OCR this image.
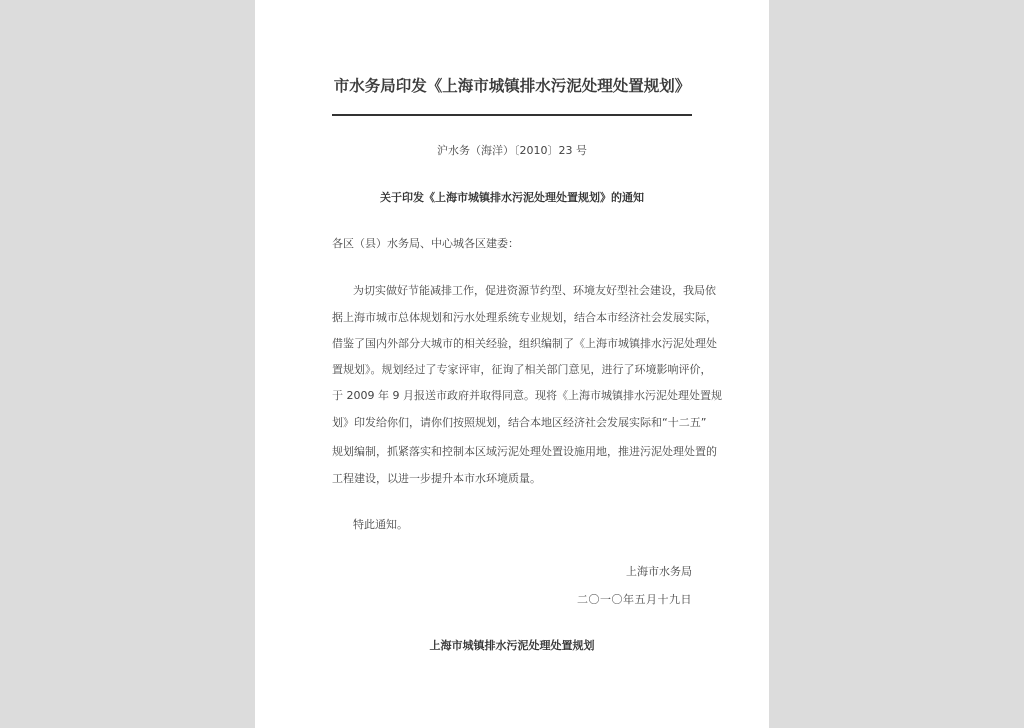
市水务局印发《上海市城镇排水污泥处理处置规划》
沪水务（海洋）〔2010〕23 号
关于印发《上海市城镇排水污泥处理处置规划》的通知
各区（县）水务局、中心城各区建委：
为切实做好节能减排工作，促进资源节约型、环境友好型社会建设，我局依
据上海市城市总体规划和污水处理系统专业规划，结合本市经济社会发展实际，
借鉴了国内外部分大城市的相关经验，组织编制了《上海市城镇排水污泥处理处
置规划》。规划经过了专家评审，征询了相关部门意见，进行了环境影响评价，
于 2009 年 9 月报送市政府并取得同意。现将《上海市城镇排水污泥处理处置规
划》印发给你们，请你们按照规划，结合本地区经济社会发展实际和“十二五”
规划编制，抓紧落实和控制本区域污泥处理处置设施用地，推进污泥处理处置的
工程建设，以进一步提升本市水环境质量。
特此通知。
上海市水务局
二〇一〇年五月十九日
上海市城镇排水污泥处理处置规划
